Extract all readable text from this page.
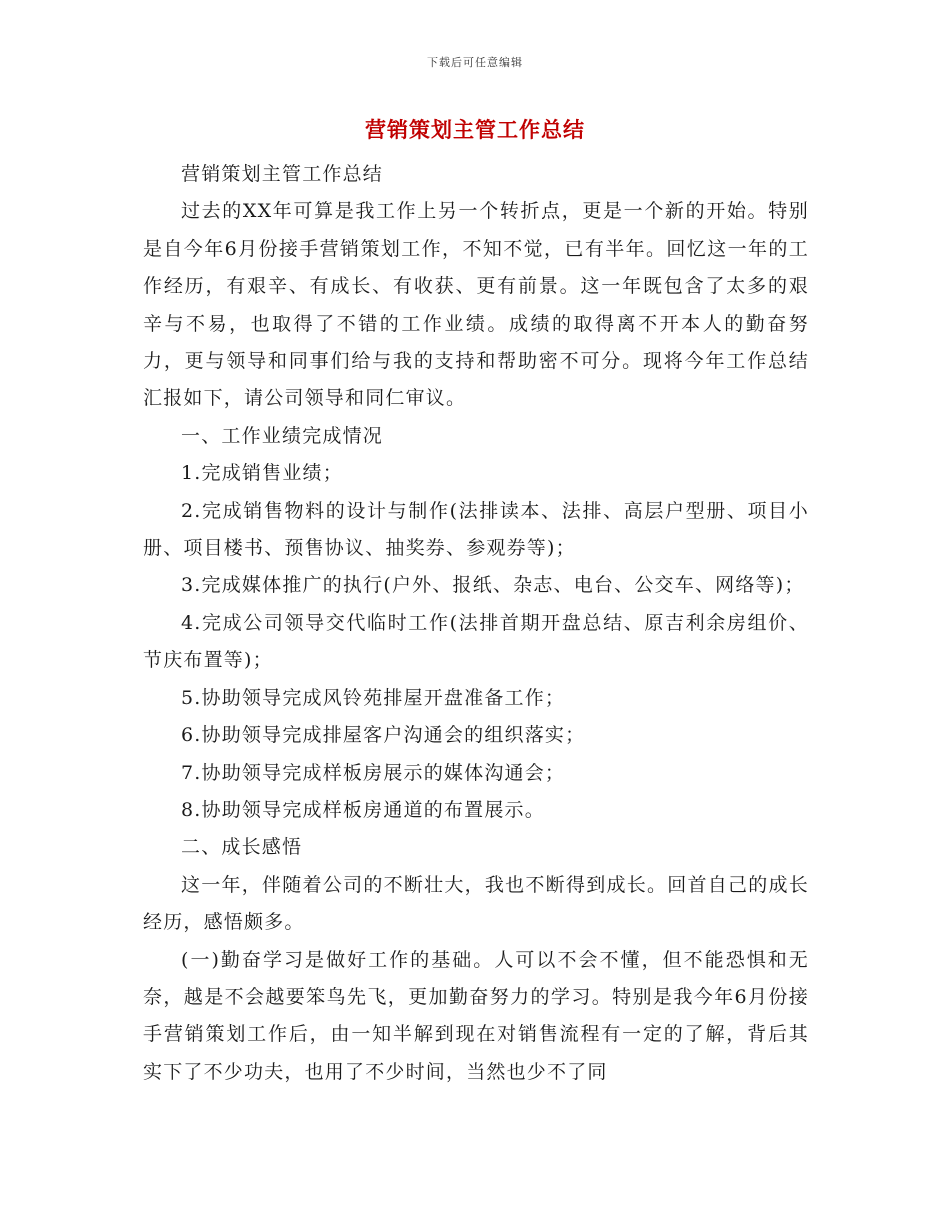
下载后可任意编辑
营销策划主管工作总结

营销策划主管工作总结

过去的XX年可算是我工作上另一个转折点，更是一个新的开始。特别是自今年6月份接手营销策划工作，不知不觉，已有半年。回忆这一年的工作经历，有艰辛、有成长、有收获、更有前景。这一年既包含了太多的艰辛与不易，也取得了不错的工作业绩。成绩的取得离不开本人的勤奋努力，更与领导和同事们给与我的支持和帮助密不可分。现将今年工作总结汇报如下，请公司领导和同仁审议。

一、工作业绩完成情况

1.完成销售业绩；

2.完成销售物料的设计与制作(法排读本、法排、高层户型册、项目小册、项目楼书、预售协议、抽奖券、参观券等)；

3.完成媒体推广的执行(户外、报纸、杂志、电台、公交车、网络等)；

4.完成公司领导交代临时工作(法排首期开盘总结、原吉利余房组价、节庆布置等)；

5.协助领导完成风铃苑排屋开盘准备工作；

6.协助领导完成排屋客户沟通会的组织落实；

7.协助领导完成样板房展示的媒体沟通会；

8.协助领导完成样板房通道的布置展示。

二、成长感悟

这一年，伴随着公司的不断壮大，我也不断得到成长。回首自己的成长经历，感悟颇多。

(一)勤奋学习是做好工作的基础。人可以不会不懂，但不能恐惧和无奈，越是不会越要笨鸟先飞，更加勤奋努力的学习。特别是我今年6月份接手营销策划工作后，由一知半解到现在对销售流程有一定的了解，背后其实下了不少功夫，也用了不少时间，当然也少不了同
